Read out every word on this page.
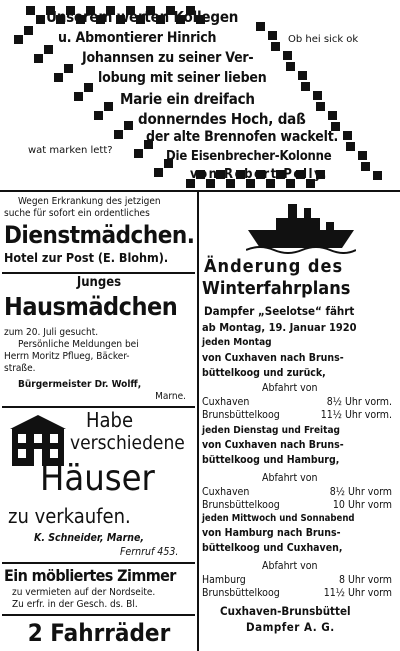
Unserem werten Kollegen
u. Abmontierer Hinrich
Johannsen zu seiner Ver-
lobung mit seiner lieben
Marie ein dreifach
donnerndes Hoch, daß
der alte Brennofen wackelt.
Die Eisenbrecher-Kolonne
von Robert Polly.
Ob hei sick ok
wat marken lett?
Wegen Erkrankung des jetzigen
suche für sofort ein ordentliches
Dienstmädchen.
Hotel zur Post (E. Blohm).
Junges
Hausmädchen
zum 20. Juli gesucht.
Persönliche Meldungen bei
Herrn Moritz Pflueg, Bäcker-
straße.
Bürgermeister Dr. Wolff,
Marne.
Habe
verschiedene
Häuser
zu verkaufen.
K. Schneider, Marne,
Fernruf 453.
Ein möbliertes Zimmer
zu vermieten auf der Nordseite.
Zu erfr. in der Gesch. ds. Bl.
2 Fahrräder
Änderung des
Winterfahrplans
Dampfer „Seelotse“ fährt
ab Montag, 19. Januar 1920
jeden Montag
von Cuxhaven nach Bruns-
büttelkoog und zurück,
Abfahrt von
Cuxhaven	8½ Uhr vorm.
Brunsbüttelkoog	11½ Uhr vorm.
jeden Dienstag und Freitag
von Cuxhaven nach Bruns-
büttelkoog und Hamburg,
Abfahrt von
Cuxhaven	8½ Uhr vorm
Brunsbüttelkoog	10 Uhr vorm
jeden Mittwoch und Sonnabend
von Hamburg nach Bruns-
büttelkoog und Cuxhaven,
Abfahrt von
Hamburg	8 Uhr vorm
Brunsbüttelkoog	11½ Uhr vorm
Cuxhaven-Brunsbüttel
Dampfer A. G.
